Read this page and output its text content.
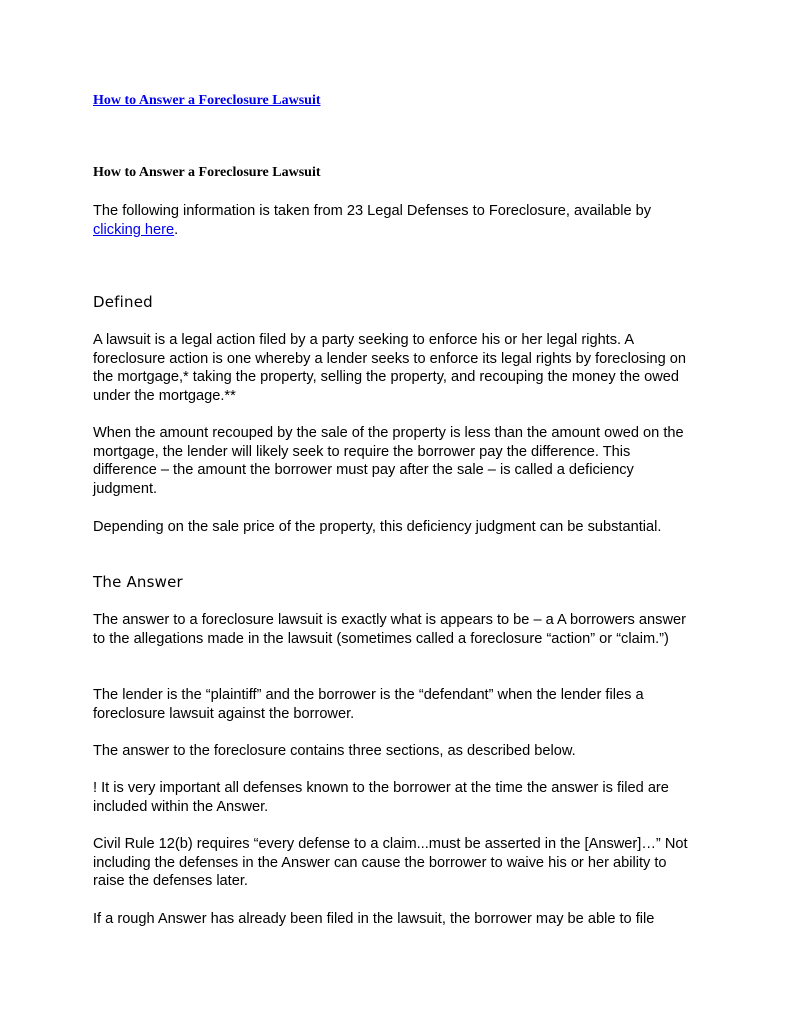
How to Answer a Foreclosure Lawsuit
How to Answer a Foreclosure Lawsuit

The following information is taken from 23 Legal Defenses to Foreclosure, available by clicking here.

Defined

A lawsuit is a legal action filed by a party seeking to enforce his or her legal rights. A foreclosure action is one whereby a lender seeks to enforce its legal rights by foreclosing on the mortgage,* taking the property, selling the property, and recouping the money the owed under the mortgage.**

When the amount recouped by the sale of the property is less than the amount owed on the mortgage, the lender will likely seek to require the borrower pay the difference. This difference – the amount the borrower must pay after the sale – is called a deficiency judgment.

Depending on the sale price of the property, this deficiency judgment can be substantial.

The Answer

The answer to a foreclosure lawsuit is exactly what is appears to be – a A borrowers answer to the allegations made in the lawsuit (sometimes called a foreclosure “action” or “claim.”)

The lender is the “plaintiff” and the borrower is the “defendant” when the lender files a foreclosure lawsuit against the borrower.

The answer to the foreclosure contains three sections, as described below.

! It is very important all defenses known to the borrower at the time the answer is filed are included within the Answer.

Civil Rule 12(b) requires “every defense to a claim...must be asserted in the [Answer]…” Not including the defenses in the Answer can cause the borrower to waive his or her ability to raise the defenses later.

If a rough Answer has already been filed in the lawsuit, the borrower may be able to file
